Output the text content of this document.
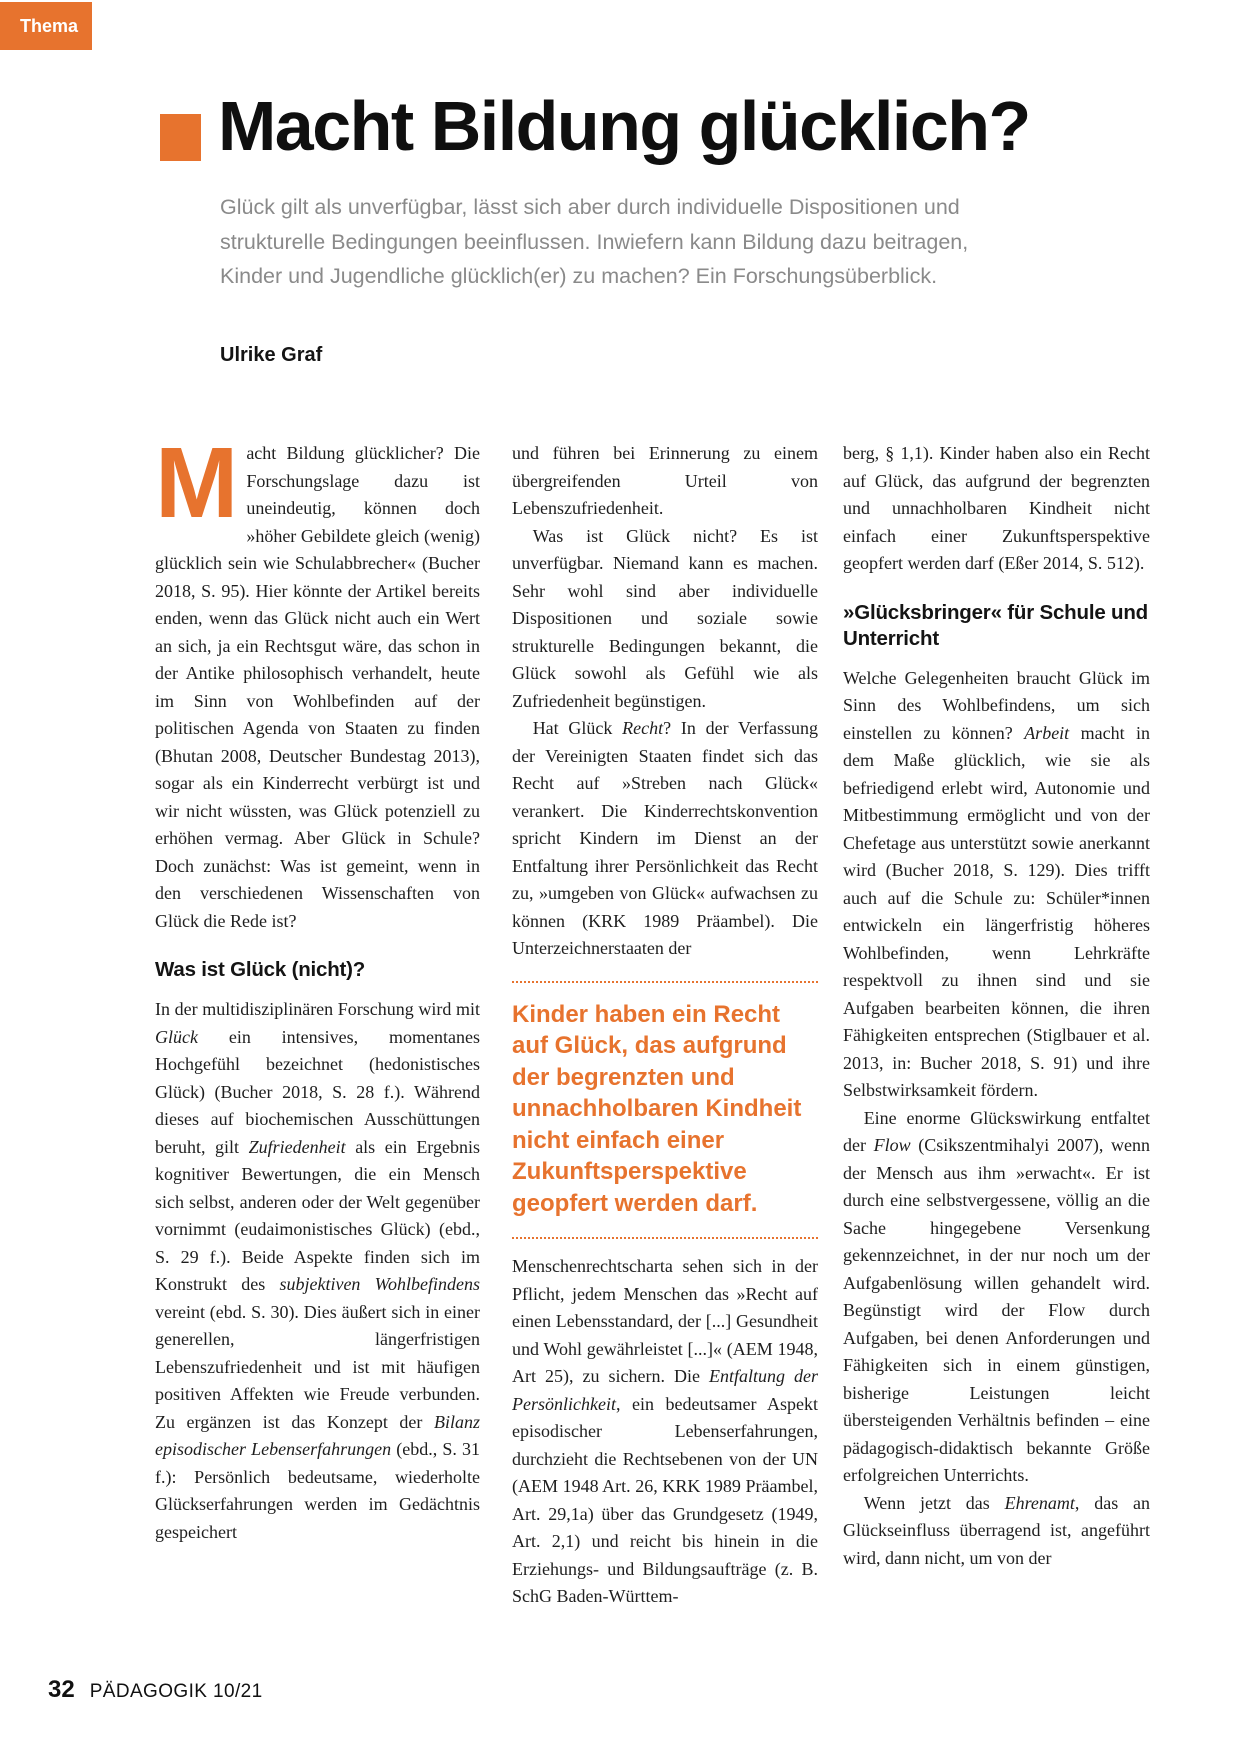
Thema
Macht Bildung glücklich?

Glück gilt als unverfügbar, lässt sich aber durch individuelle Dispositionen und strukturelle Bedingungen beeinflussen. Inwiefern kann Bildung dazu beitragen, Kinder und Jugendliche glücklich(er) zu machen? Ein Forschungsüberblick.

Ulrike Graf

Macht Bildung glücklicher? Die Forschungslage dazu ist uneindeutig, können doch »höher Gebildete gleich (wenig) glücklich sein wie Schulabbrecher« (Bucher 2018, S. 95). Hier könnte der Artikel bereits enden, wenn das Glück nicht auch ein Wert an sich, ja ein Rechtsgut wäre, das schon in der Antike philosophisch verhandelt, heute im Sinn von Wohlbefinden auf der politischen Agenda von Staaten zu finden (Bhutan 2008, Deutscher Bundestag 2013), sogar als ein Kinderrecht verbürgt ist und wir nicht wüssten, was Glück potenziell zu erhöhen vermag. Aber Glück in Schule? Doch zunächst: Was ist gemeint, wenn in den verschiedenen Wissenschaften von Glück die Rede ist?

Was ist Glück (nicht)?

In der multidisziplinären Forschung wird mit Glück ein intensives, momentanes Hochgefühl bezeichnet (hedonistisches Glück) (Bucher 2018, S. 28 f.). Während dieses auf biochemischen Ausschüttungen beruht, gilt Zufriedenheit als ein Ergebnis kognitiver Bewertungen, die ein Mensch sich selbst, anderen oder der Welt gegenüber vornimmt (eudaimonistisches Glück) (ebd., S. 29 f.). Beide Aspekte finden sich im Konstrukt des subjektiven Wohlbefindens vereint (ebd. S. 30). Dies äußert sich in einer generellen, längerfristigen Lebenszufriedenheit und ist mit häufigen positiven Affekten wie Freude verbunden. Zu ergänzen ist das Konzept der Bilanz episodischer Lebenserfahrungen (ebd., S. 31 f.): Persönlich bedeutsame, wiederholte Glückserfahrungen werden im Gedächtnis gespeichert

und führen bei Erinnerung zu einem übergreifenden Urteil von Lebenszufriedenheit.

Was ist Glück nicht? Es ist unverfügbar. Niemand kann es machen. Sehr wohl sind aber individuelle Dispositionen und soziale sowie strukturelle Bedingungen bekannt, die Glück sowohl als Gefühl wie als Zufriedenheit begünstigen.

Hat Glück Recht? In der Verfassung der Vereinigten Staaten findet sich das Recht auf »Streben nach Glück« verankert. Die Kinderrechtskonvention spricht Kindern im Dienst an der Entfaltung ihrer Persönlichkeit das Recht zu, »umgeben von Glück« aufwachsen zu können (KRK 1989 Präambel). Die Unterzeichnerstaaten der

Kinder haben ein Recht auf Glück, das aufgrund der begrenzten und unnachholbaren Kindheit nicht einfach einer Zukunftsperspektive geopfert werden darf.

Menschenrechtscharta sehen sich in der Pflicht, jedem Menschen das »Recht auf einen Lebensstandard, der [...] Gesundheit und Wohl gewährleistet [...]« (AEM 1948, Art 25), zu sichern. Die Entfaltung der Persönlichkeit, ein bedeutsamer Aspekt episodischer Lebenserfahrungen, durchzieht die Rechtsebenen von der UN (AEM 1948 Art. 26, KRK 1989 Präambel, Art. 29,1a) über das Grundgesetz (1949, Art. 2,1) und reicht bis hinein in die Erziehungs- und Bildungsaufträge (z. B. SchG Baden-Württem-

berg, § 1,1). Kinder haben also ein Recht auf Glück, das aufgrund der begrenzten und unnachholbaren Kindheit nicht einfach einer Zukunftsperspektive geopfert werden darf (Eßer 2014, S. 512).

»Glücksbringer« für Schule und Unterricht

Welche Gelegenheiten braucht Glück im Sinn des Wohlbefindens, um sich einstellen zu können? Arbeit macht in dem Maße glücklich, wie sie als befriedigend erlebt wird, Autonomie und Mitbestimmung ermöglicht und von der Chefetage aus unterstützt sowie anerkannt wird (Bucher 2018, S. 129). Dies trifft auch auf die Schule zu: Schüler*innen entwickeln ein längerfristig höheres Wohlbefinden, wenn Lehrkräfte respektvoll zu ihnen sind und sie Aufgaben bearbeiten können, die ihren Fähigkeiten entsprechen (Stiglbauer et al. 2013, in: Bucher 2018, S. 91) und ihre Selbstwirksamkeit fördern.

Eine enorme Glückswirkung entfaltet der Flow (Csikszentmihalyi 2007), wenn der Mensch aus ihm »erwacht«. Er ist durch eine selbstvergessene, völlig an die Sache hingegebene Versenkung gekennzeichnet, in der nur noch um der Aufgabenlösung willen gehandelt wird. Begünstigt wird der Flow durch Aufgaben, bei denen Anforderungen und Fähigkeiten sich in einem günstigen, bisherige Leistungen leicht übersteigenden Verhältnis befinden – eine pädagogisch-didaktisch bekannte Größe erfolgreichen Unterrichts.

Wenn jetzt das Ehrenamt, das an Glückseinfluss überragend ist, angeführt wird, dann nicht, um von der

32 PÄDAGOGIK 10/21
